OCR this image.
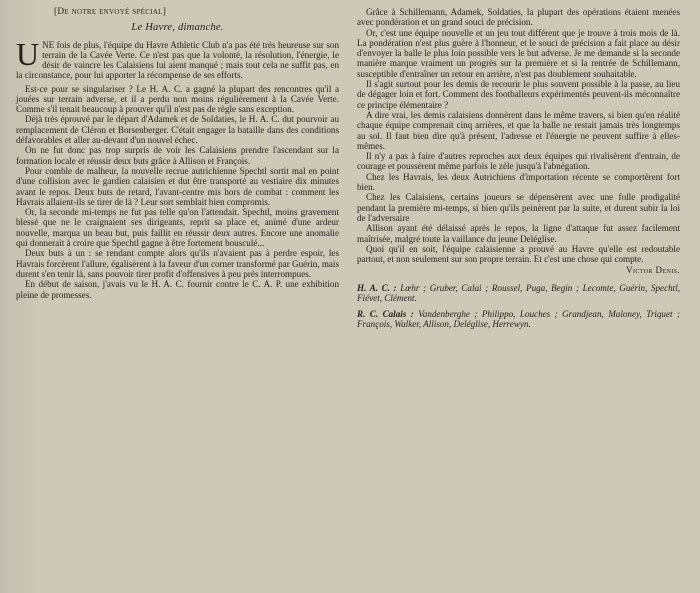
[De notre envoyé spécial]
Le Havre, dimanche.

UNE fois de plus, l'équipe du Havre Athletic Club n'a pas été très heureuse sur son terrain de la Cavée Verte. Ce n'est pas que la volonté, la résolution, l'énergie, le désir de vaincre les Calaisiens lui aient manqué ; mais tout cela ne suffit pas, en la circonstance, pour lui apporter la récompense de ses efforts.

Est-ce pour se singulariser ? Le H. A. C. a gagné la plupart des rencontres qu'il a jouées sur terrain adverse, et il a perdu non moins régulièrement à la Cavée Verte. Comme s'il tenait beaucoup à prouver qu'il n'est pas de règle sans exception.

Déjà très éprouvé par le départ d'Adamek et de Soldaties, le H. A. C. dut pourvoir au remplacement de Cléron et Borsenberger. C'était engager la bataille dans des conditions défavorables et aller au-devant d'un nouvel échec.

On ne fut donc pas trop surpris de voir les Calaisiens prendre l'ascendant sur la formation locale et réussir deux buts grâce à Allison et François.

Pour comble de malheur, la nouvelle recrue autrichienne Spechtl sortit mal en point d'une collision avec le gardien calaisien et dut être transporté au vestiaire dix minutes avant le repos. Deux buts de retard, l'avant-centre mis hors de combat : comment les Havrais allaient-ils se tirer de là ? Leur sort semblait bien compromis.

Or, la seconde mi-temps ne fut pas telle qu'on l'attendait. Spechtl, moins gravement blessé que ne le craignaient ses dirigeants, reprit sa place et, animé d'une ardeur nouvelle, marqua un beau but, puis faillit en réussir deux autres. Encore une anomalie qui donnerait à croire que Spechtl gagne à être fortement bousculé...

Deux buts à un : se rendant compte alors qu'ils n'avaient pas à perdre espoir, les Havrais forcèrent l'allure, égalisèrent à la faveur d'un corner transformé par Guérin, mais durent s'en tenir là, sans pouvoir tirer profit d'offensives à peu près interrompues.

En début de saison, j'avais vu le H. A. C. fournir contre le C. A. P. une exhibition pleine de promesses.

Grâce à Schillemann, Adamek, Soldaties, la plupart des opérations étaient menées avec pondération et un grand souci de précision.

Or, c'est une équipe nouvelle et un jeu tout différent que je trouve à trois mois de là. La pondération n'est plus guère à l'honneur, et le souci de précision a fait place au désir d'envoyer la balle le plus loin possible vers le but adverse. Je me demande si la seconde manière marque vraiment un progrès sur la première et si la rentrée de Schillemann, susceptible d'entraîner un retour en arrière, n'est pas doublement souhaitable.

Il s'agit surtout pour les demis de recourir le plus souvent possible à la passe, au lieu de dégager loin et fort. Comment des footballeurs expérimentés peuvent-ils méconnaître ce principe élémentaire ?

A dire vrai, les demis calaisiens donnèrent dans le même travers, si bien qu'en réalité chaque équipe comprenait cinq arrières, et que la balle ne restait jamais très longtemps au sol. Il faut bien dire qu'à présent, l'adresse et l'énergie ne peuvent suffire à elles-mêmes.

Il n'y a pas à faire d'autres reproches aux deux équipes qui rivalisèrent d'entrain, de courage et poussèrent même parfois le zèle jusqu'à l'abnégation.

Chez les Havrais, les deux Autrichiens d'importation récente se comportèrent fort bien.

Chez les Calaisiens, certains joueurs se dépensèrent avec une folle prodigalité pendant la première mi-temps, si bien qu'ils peinèrent par la suite, et durent subir la loi de l'adversaire

Allison ayant été délaissé après le repos, la ligne d'attaque fut assez facilement maîtrisée, malgré toute la vaillance du jeune Deléglise.

Quoi qu'il en soit, l'équipe calaisienne a prouvé au Havre qu'elle est redoutable partout, et non seulement sur son propre terrain. Et c'est une chose qui compte.

Victor Denis.

H. A. C. : Lœhr ; Gruber, Calai ; Roussel, Puga, Begin ; Lecomte, Guérin, Spechtl, Fiévet, Clément.

R. C. Calais : Vandenberghe ; Philippo, Louches ; Grandjean, Maloney, Triquet ; François, Walker, Allison, Deléglise, Herrewyn.
